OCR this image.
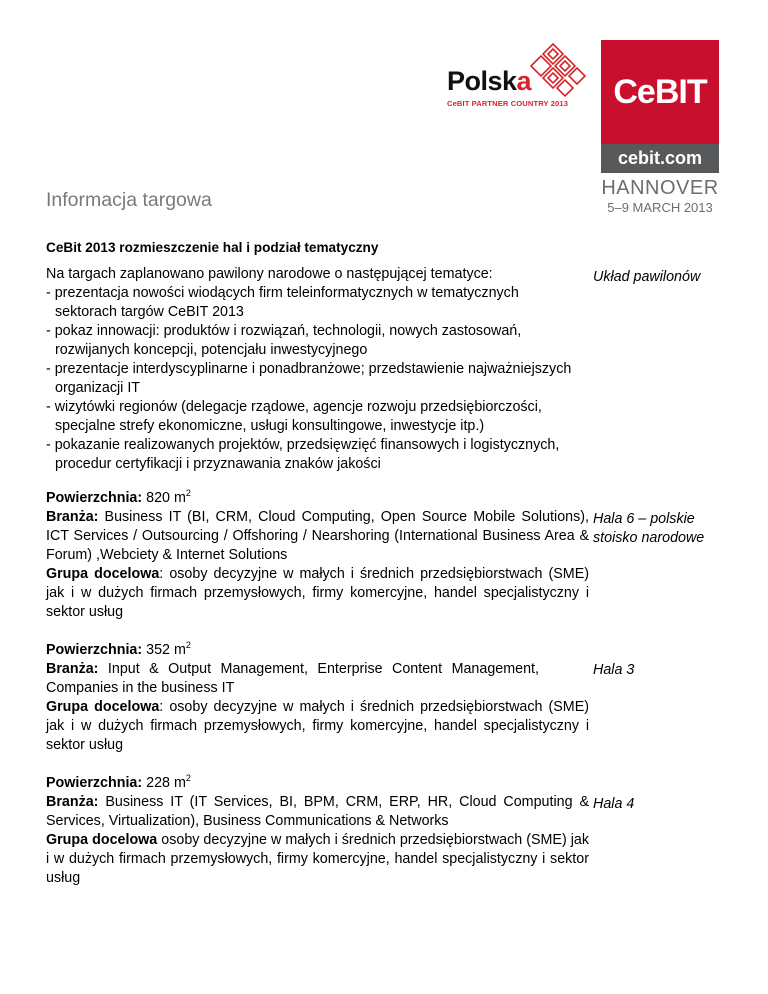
Polska
CeBIT PARTNER COUNTRY 2013	CeBIT
cebit.com
HANNOVER
5–9 MARCH 2013
Informacja targowa
CeBit 2013 rozmieszczenie hal i podział tematyczny

Na targach zaplanowano pawilony narodowe o następującej tematyce:

- prezentacja nowości wiodących firm teleinformatycznych w tematycznych sektorach targów CeBIT 2013

- pokaz innowacji: produktów i rozwiązań, technologii, nowych zastosowań, rozwijanych koncepcji, potencjału inwestycyjnego

- prezentacje interdyscyplinarne i ponadbranżowe; przedstawienie najważniejszych organizacji IT

- wizytówki regionów (delegacje rządowe, agencje rozwoju przedsiębiorczości, specjalne strefy ekonomiczne, usługi konsultingowe, inwestycje itp.)

- pokazanie realizowanych projektów, przedsięwzięć finansowych i logistycznych, procedur certyfikacji i przyznawania znaków jakości

Układ pawilonów

Powierzchnia: 820 $m^2$

Branża: Business IT (BI, CRM, Cloud Computing, Open Source Mobile Solutions), ICT Services / Outsourcing / Offshoring / Nearshoring (International Business Area & Forum) ,Webciety & Internet Solutions

Grupa docelowa: osoby decyzyjne w małych i średnich przedsiębiorstwach (SME) jak i w dużych firmach przemysłowych, firmy komercyjne, handel specjalistyczny i sektor usług

Hala 6 – polskie stoisko narodowe

Powierzchnia: 352 $m^2$

Branża: Input & Output Management, Enterprise Content Management, Companies in the business IT

Grupa docelowa: osoby decyzyjne w małych i średnich przedsiębiorstwach (SME) jak i w dużych firmach przemysłowych, firmy komercyjne, handel specjalistyczny i sektor usług

Hala 3

Powierzchnia: 228 $m^2$

Branża: Business IT (IT Services, BI, BPM, CRM, ERP, HR, Cloud Computing & Services, Virtualization), Business Communications & Networks

Grupa docelowa osoby decyzyjne w małych i średnich przedsiębiorstwach (SME) jak i w dużych firmach przemysłowych, firmy komercyjne, handel specjalistyczny i sektor usług

Hala 4
